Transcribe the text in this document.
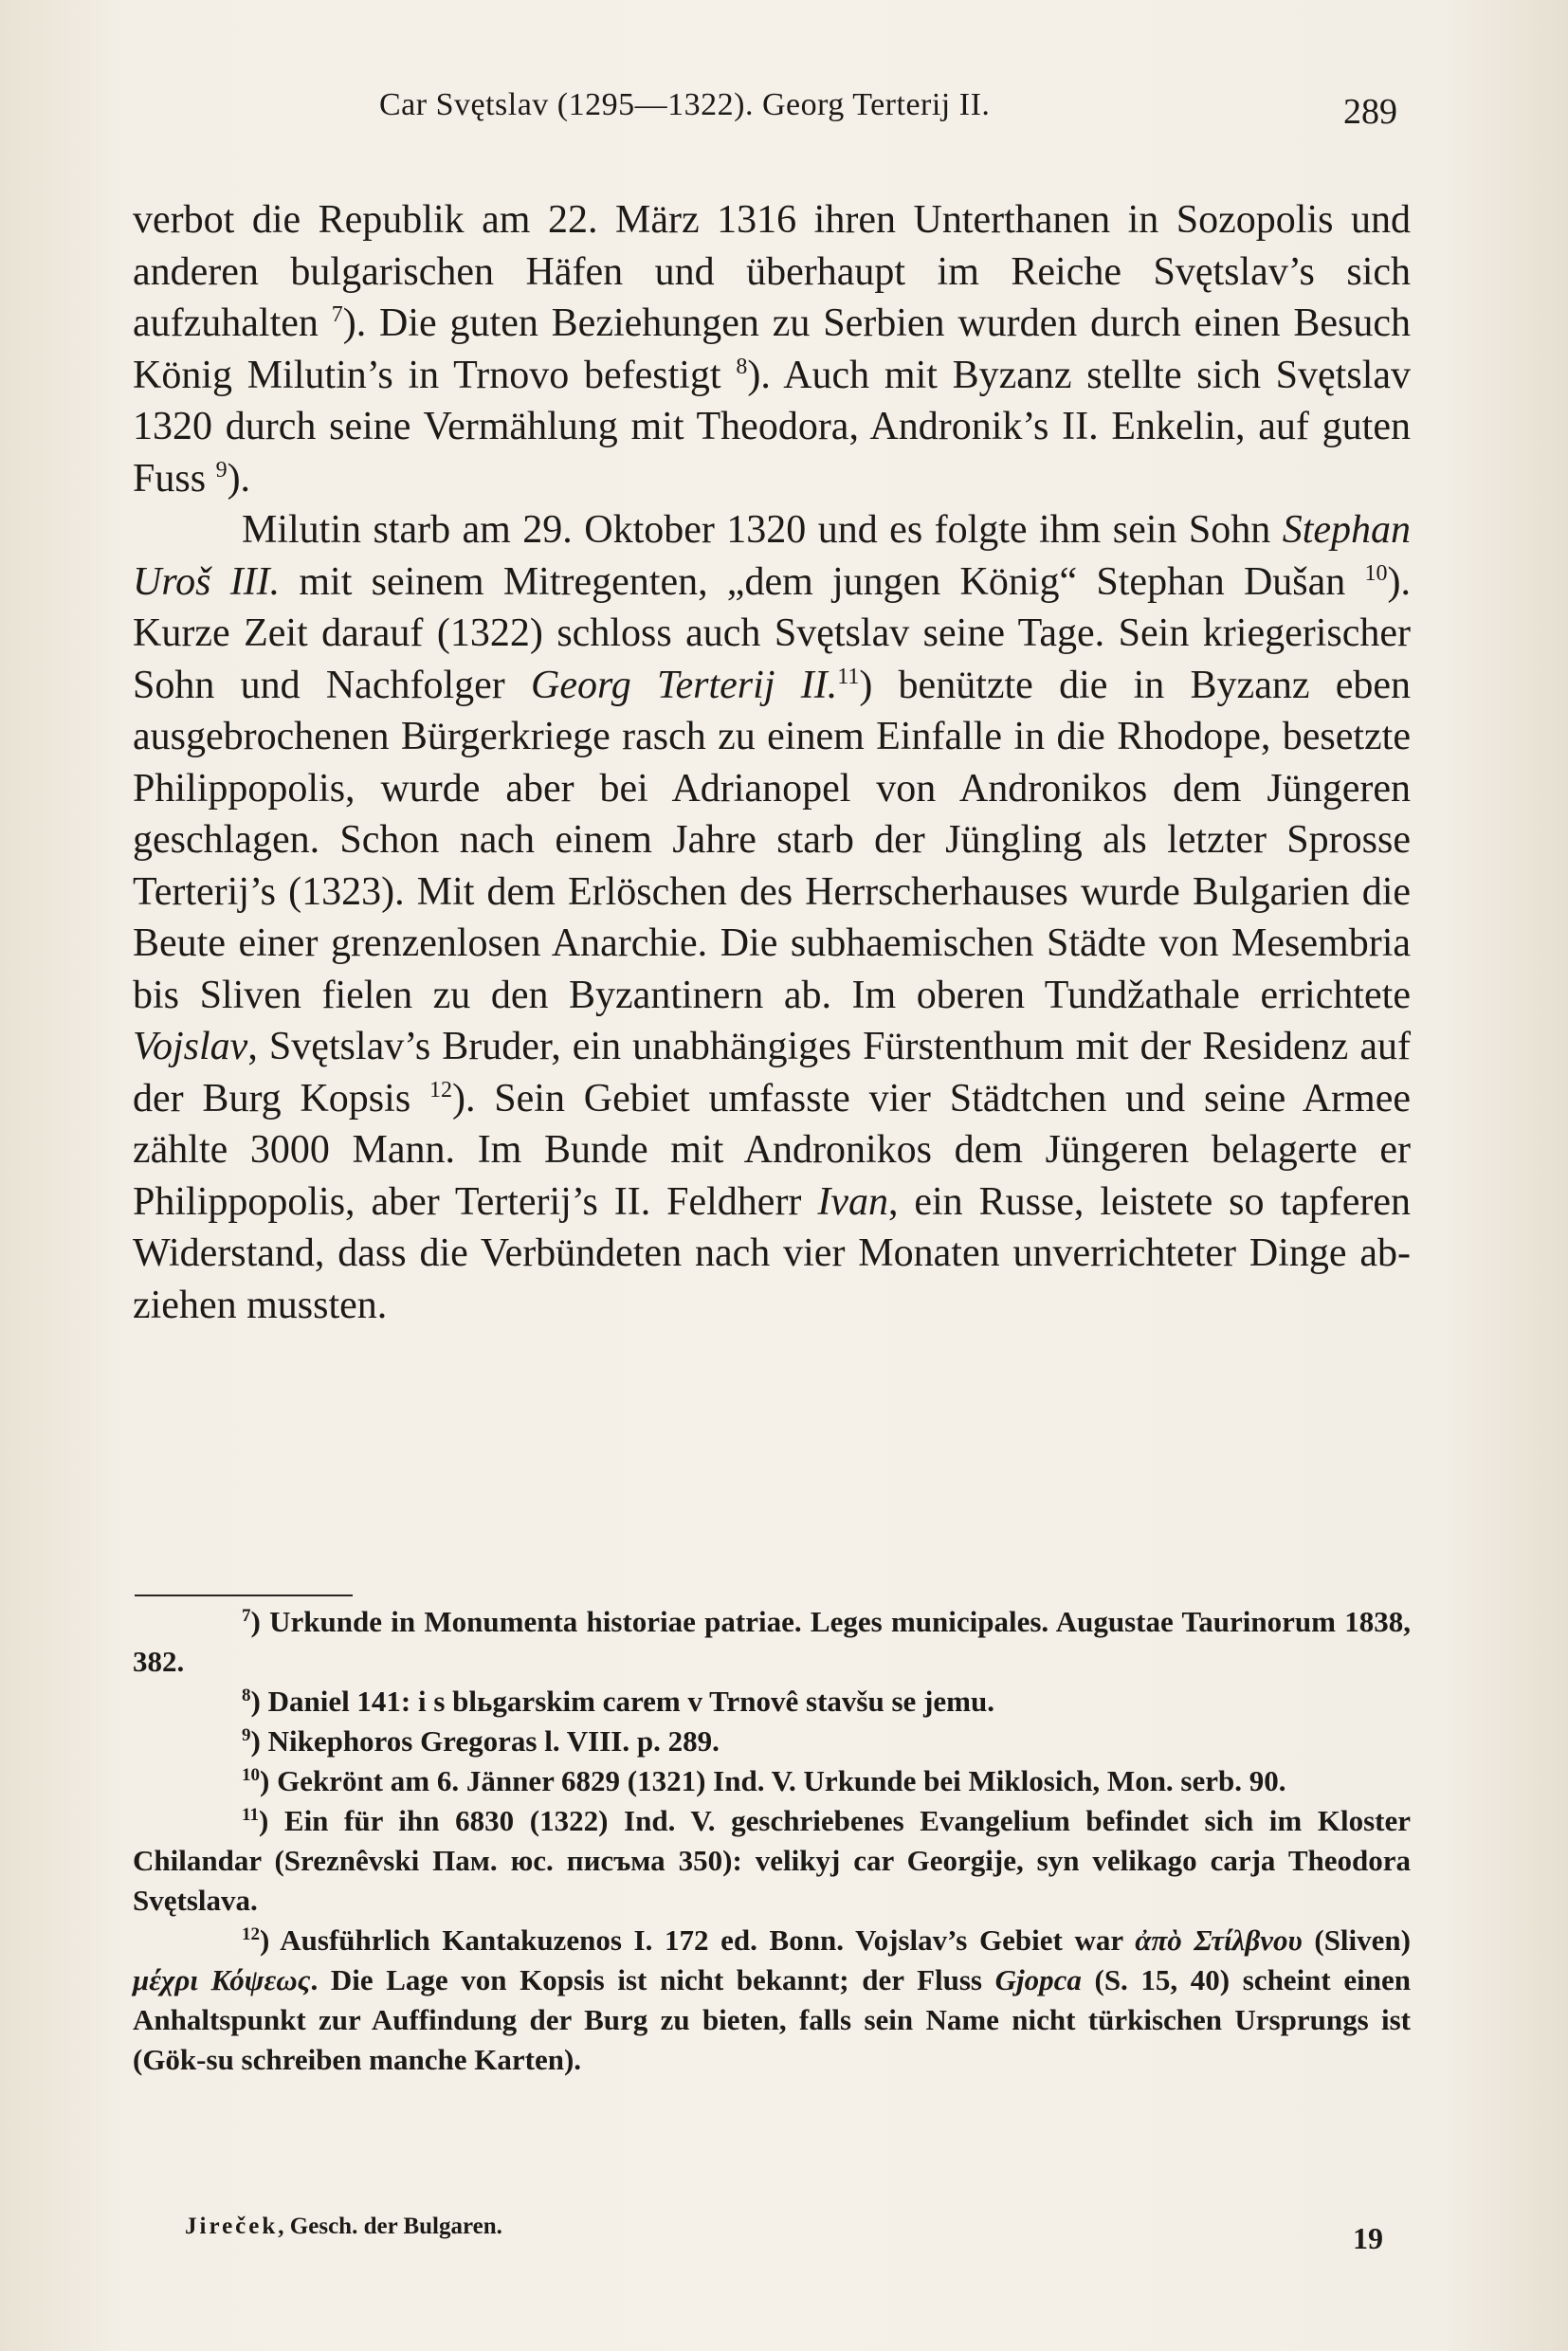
Car Svętslav (1295—1322). Georg Terterij II.	289

verbot die Republik am 22. März 1316 ihren Unterthanen in Sozopolis und anderen bulgarischen Häfen und überhaupt im Reiche Svętslav’s sich aufzuhalten $^7$). Die guten Beziehungen zu Serbien wurden durch einen Besuch König Milutin’s in Trnovo befestigt $^8$). Auch mit Byzanz stellte sich Svętslav 1320 durch seine Vermählung mit Theodora, Andronik’s II. Enkelin, auf guten Fuss $^9$).

Milutin starb am 29. Oktober 1320 und es folgte ihm sein Sohn Stephan Uroš III. mit seinem Mitregenten, „dem jungen König“ Stephan Dušan $^{10}$). Kurze Zeit darauf (1322) schloss auch Svętslav seine Tage. Sein kriegerischer Sohn und Nachfolger Georg Terterij II.$^{11}$) benützte die in Byzanz eben ausgebrochenen Bürgerkriege rasch zu einem Einfalle in die Rhodope, besetzte Philippopolis, wurde aber bei Adrianopel von Andronikos dem Jüngeren geschlagen. Schon nach einem Jahre starb der Jüngling als letzter Sprosse Terterij’s (1323). Mit dem Erlöschen des Herrscherhauses wurde Bulgarien die Beute einer grenzenlosen Anarchie. Die subhaemischen Städte von Mesembria bis Sliven fielen zu den Byzantinern ab. Im oberen Tundžathale errichtete Vojslav, Svętslav’s Bruder, ein unabhängiges Fürstenthum mit der Residenz auf der Burg Kopsis $^{12}$). Sein Gebiet umfasste vier Städtchen und seine Armee zählte 3000 Mann. Im Bunde mit Andronikos dem Jüngeren belagerte er Philippopolis, aber Terterij’s II. Feldherr Ivan, ein Russe, leistete so tapferen Widerstand, dass die Verbündeten nach vier Monaten unverrichteter Dinge abziehen mussten.

$^7$) Urkunde in Monumenta historiae patriae. Leges municipales. Augustae Taurinorum 1838, 382.

$^8$) Daniel 141: i s blьgarskim carem v Trnovê stavšu se jemu.

$^9$) Nikephoros Gregoras l. VIII. p. 289.

$^{10}$) Gekrönt am 6. Jänner 6829 (1321) Ind. V. Urkunde bei Miklosich, Mon. serb. 90.

$^{11}$) Ein für ihn 6830 (1322) Ind. V. geschriebenes Evangelium befindet sich im Kloster Chilandar (Sreznêvski Пам. юс. писъма 350): velikyj car Georgije, syn velikago carja Theodora Svętslava.

$^{12}$) Ausführlich Kantakuzenos I. 172 ed. Bonn. Vojslav’s Gebiet war ἀπὸ Στίλβνου (Sliven) μέχρι Κόψεως. Die Lage von Kopsis ist nicht bekannt; der Fluss Gjopca (S. 15, 40) scheint einen Anhaltspunkt zur Auffindung der Burg zu bieten, falls sein Name nicht türkischen Ursprungs ist (Gök-su schreiben manche Karten).

Jireček, Gesch. der Bulgaren.	19
